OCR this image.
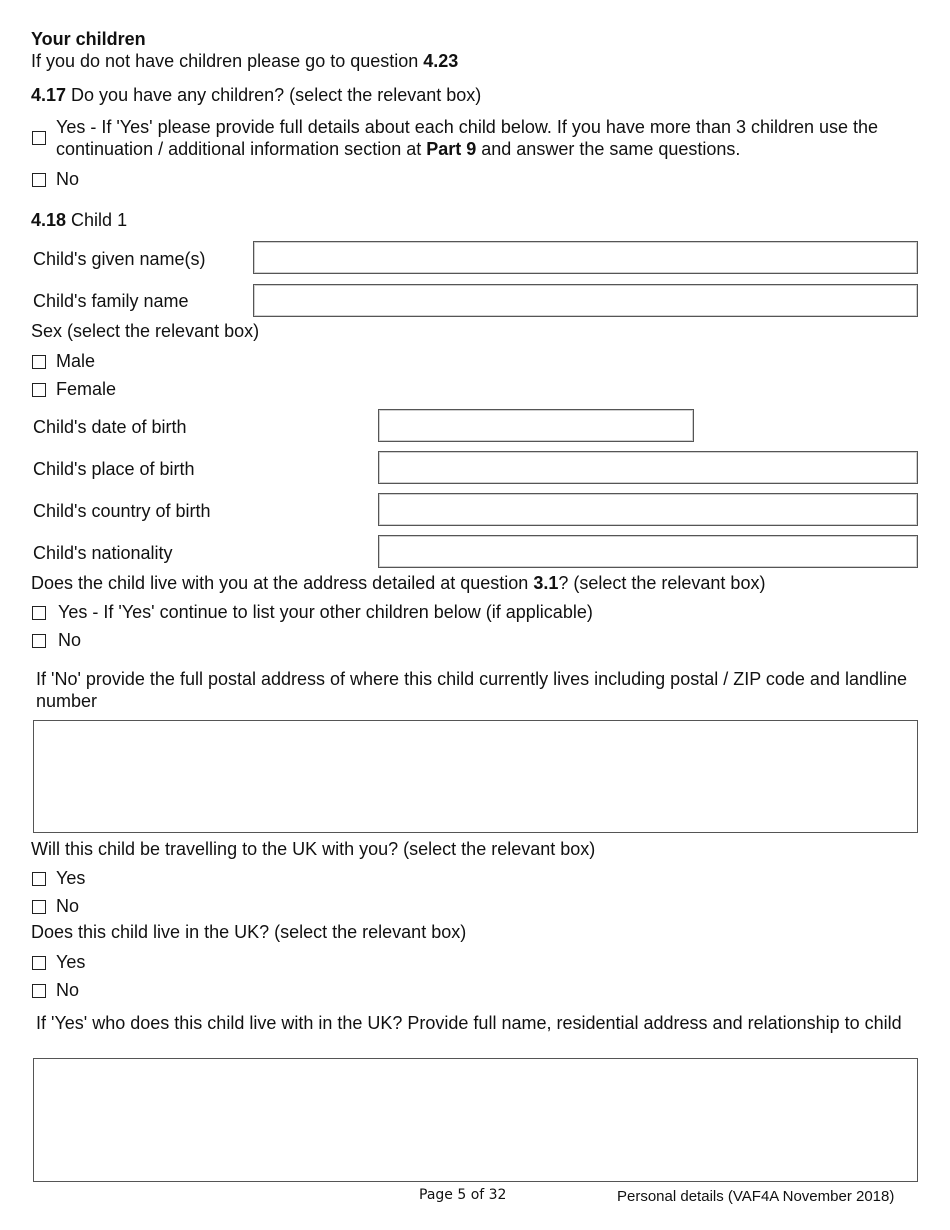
Your children
If you do not have children please go to question 4.23
4.17 Do you have any children? (select the relevant box)
Yes - If 'Yes' please provide full details about each child below. If you have more than 3 children use the continuation / additional information section at Part 9 and answer the same questions.
No
4.18 Child 1
Child's given name(s)
Child's family name
Sex (select the relevant box)
Male
Female
Child's date of birth
Child's place of birth
Child's country of birth
Child's nationality
Does the child live with you at the address detailed at question 3.1? (select the relevant box)
Yes - If 'Yes' continue to list your other children below (if applicable)
No
If 'No' provide the full postal address of where this child currently lives including postal / ZIP code and landline number
Will this child be travelling to the UK with you? (select the relevant box)
Yes
No
Does this child live in the UK? (select the relevant box)
Yes
No
If 'Yes' who does this child live with in the UK? Provide full name, residential address and relationship to child
Page 5 of 32	Personal details (VAF4A November 2018)
